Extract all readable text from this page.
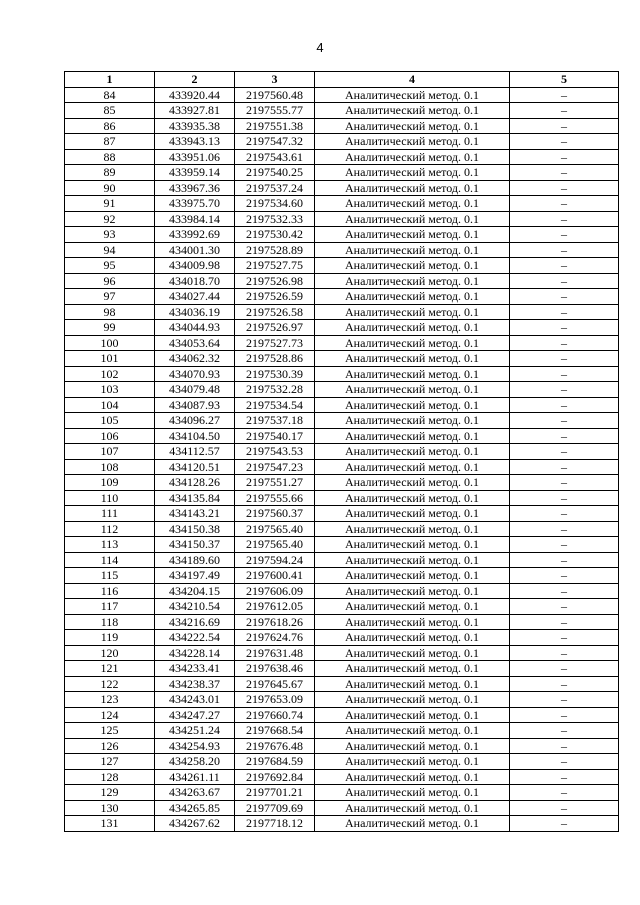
4
1	2	3	4	5
84	433920.44	2197560.48	Аналитический метод. 0.1	–
85	433927.81	2197555.77	Аналитический метод. 0.1	–
86	433935.38	2197551.38	Аналитический метод. 0.1	–
87	433943.13	2197547.32	Аналитический метод. 0.1	–
88	433951.06	2197543.61	Аналитический метод. 0.1	–
89	433959.14	2197540.25	Аналитический метод. 0.1	–
90	433967.36	2197537.24	Аналитический метод. 0.1	–
91	433975.70	2197534.60	Аналитический метод. 0.1	–
92	433984.14	2197532.33	Аналитический метод. 0.1	–
93	433992.69	2197530.42	Аналитический метод. 0.1	–
94	434001.30	2197528.89	Аналитический метод. 0.1	–
95	434009.98	2197527.75	Аналитический метод. 0.1	–
96	434018.70	2197526.98	Аналитический метод. 0.1	–
97	434027.44	2197526.59	Аналитический метод. 0.1	–
98	434036.19	2197526.58	Аналитический метод. 0.1	–
99	434044.93	2197526.97	Аналитический метод. 0.1	–
100	434053.64	2197527.73	Аналитический метод. 0.1	–
101	434062.32	2197528.86	Аналитический метод. 0.1	–
102	434070.93	2197530.39	Аналитический метод. 0.1	–
103	434079.48	2197532.28	Аналитический метод. 0.1	–
104	434087.93	2197534.54	Аналитический метод. 0.1	–
105	434096.27	2197537.18	Аналитический метод. 0.1	–
106	434104.50	2197540.17	Аналитический метод. 0.1	–
107	434112.57	2197543.53	Аналитический метод. 0.1	–
108	434120.51	2197547.23	Аналитический метод. 0.1	–
109	434128.26	2197551.27	Аналитический метод. 0.1	–
110	434135.84	2197555.66	Аналитический метод. 0.1	–
111	434143.21	2197560.37	Аналитический метод. 0.1	–
112	434150.38	2197565.40	Аналитический метод. 0.1	–
113	434150.37	2197565.40	Аналитический метод. 0.1	–
114	434189.60	2197594.24	Аналитический метод. 0.1	–
115	434197.49	2197600.41	Аналитический метод. 0.1	–
116	434204.15	2197606.09	Аналитический метод. 0.1	–
117	434210.54	2197612.05	Аналитический метод. 0.1	–
118	434216.69	2197618.26	Аналитический метод. 0.1	–
119	434222.54	2197624.76	Аналитический метод. 0.1	–
120	434228.14	2197631.48	Аналитический метод. 0.1	–
121	434233.41	2197638.46	Аналитический метод. 0.1	–
122	434238.37	2197645.67	Аналитический метод. 0.1	–
123	434243.01	2197653.09	Аналитический метод. 0.1	–
124	434247.27	2197660.74	Аналитический метод. 0.1	–
125	434251.24	2197668.54	Аналитический метод. 0.1	–
126	434254.93	2197676.48	Аналитический метод. 0.1	–
127	434258.20	2197684.59	Аналитический метод. 0.1	–
128	434261.11	2197692.84	Аналитический метод. 0.1	–
129	434263.67	2197701.21	Аналитический метод. 0.1	–
130	434265.85	2197709.69	Аналитический метод. 0.1	–
131	434267.62	2197718.12	Аналитический метод. 0.1	–
